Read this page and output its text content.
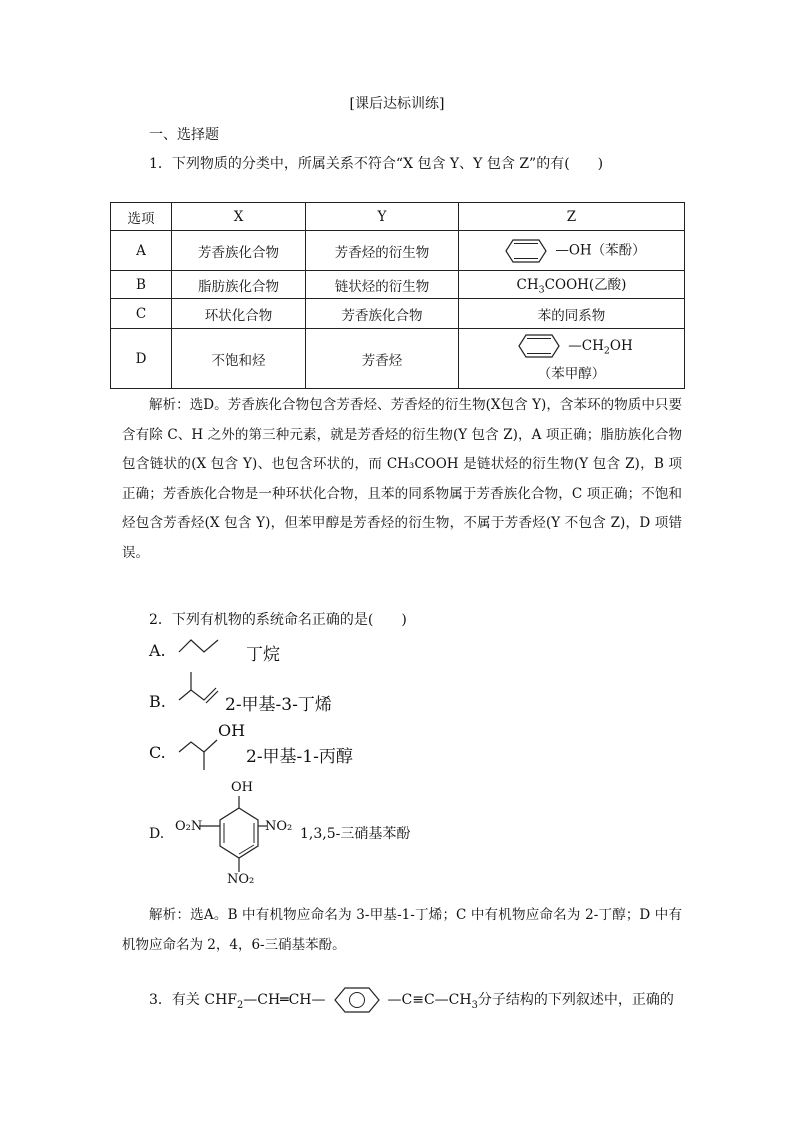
[课后达标训练]
一、选择题
1．下列物质的分类中，所属关系不符合“X 包含 Y、Y 包含 Z”的有(　　)
选项	X	Y	Z
A	芳香族化合物	芳香烃的衍生物	—OH（苯酚）
B	脂肪族化合物	链状烃的衍生物	$CH_3COOH$(乙酸)
C	环状化合物	芳香族化合物	苯的同系物
D	不饱和烃	芳香烃	$—CH_2OH$
（苯甲醇）
解析：选D。芳香族化合物包含芳香烃、芳香烃的衍生物(X包含 Y)，含苯环的物质中只要含有除 C、H 之外的第三种元素，就是芳香烃的衍生物(Y 包含 Z)，A 项正确；脂肪族化合物包含链状的(X 包含 Y)、也包含环状的，而 CH₃COOH 是链状烃的衍生物(Y 包含 Z)，B 项正确；芳香族化合物是一种环状化合物，且苯的同系物属于芳香族化合物，C 项正确；不饱和烃包含芳香烃(X 包含 Y)，但苯甲醇是芳香烃的衍生物，不属于芳香烃(Y 不包含 Z)，D 项错误。
2．下列有机物的系统命名正确的是(　　)
A.	丁烷
B.	2-甲基-3-丁烯
C.
OH
2-甲基-1-丙醇
D.
OH
O₂N	NO₂
NO₂
1,3,5-三硝基苯酚
解析：选A。B 中有机物应命名为 3-甲基-1-丁烯；C 中有机物应命名为 2-丁醇；D 中有机物应命名为 2，4，6-三硝基苯酚。
3．有关 $CHF_2—CH═CH—$	$—C\equiv C—CH_3$分子结构的下列叙述中，正确的
